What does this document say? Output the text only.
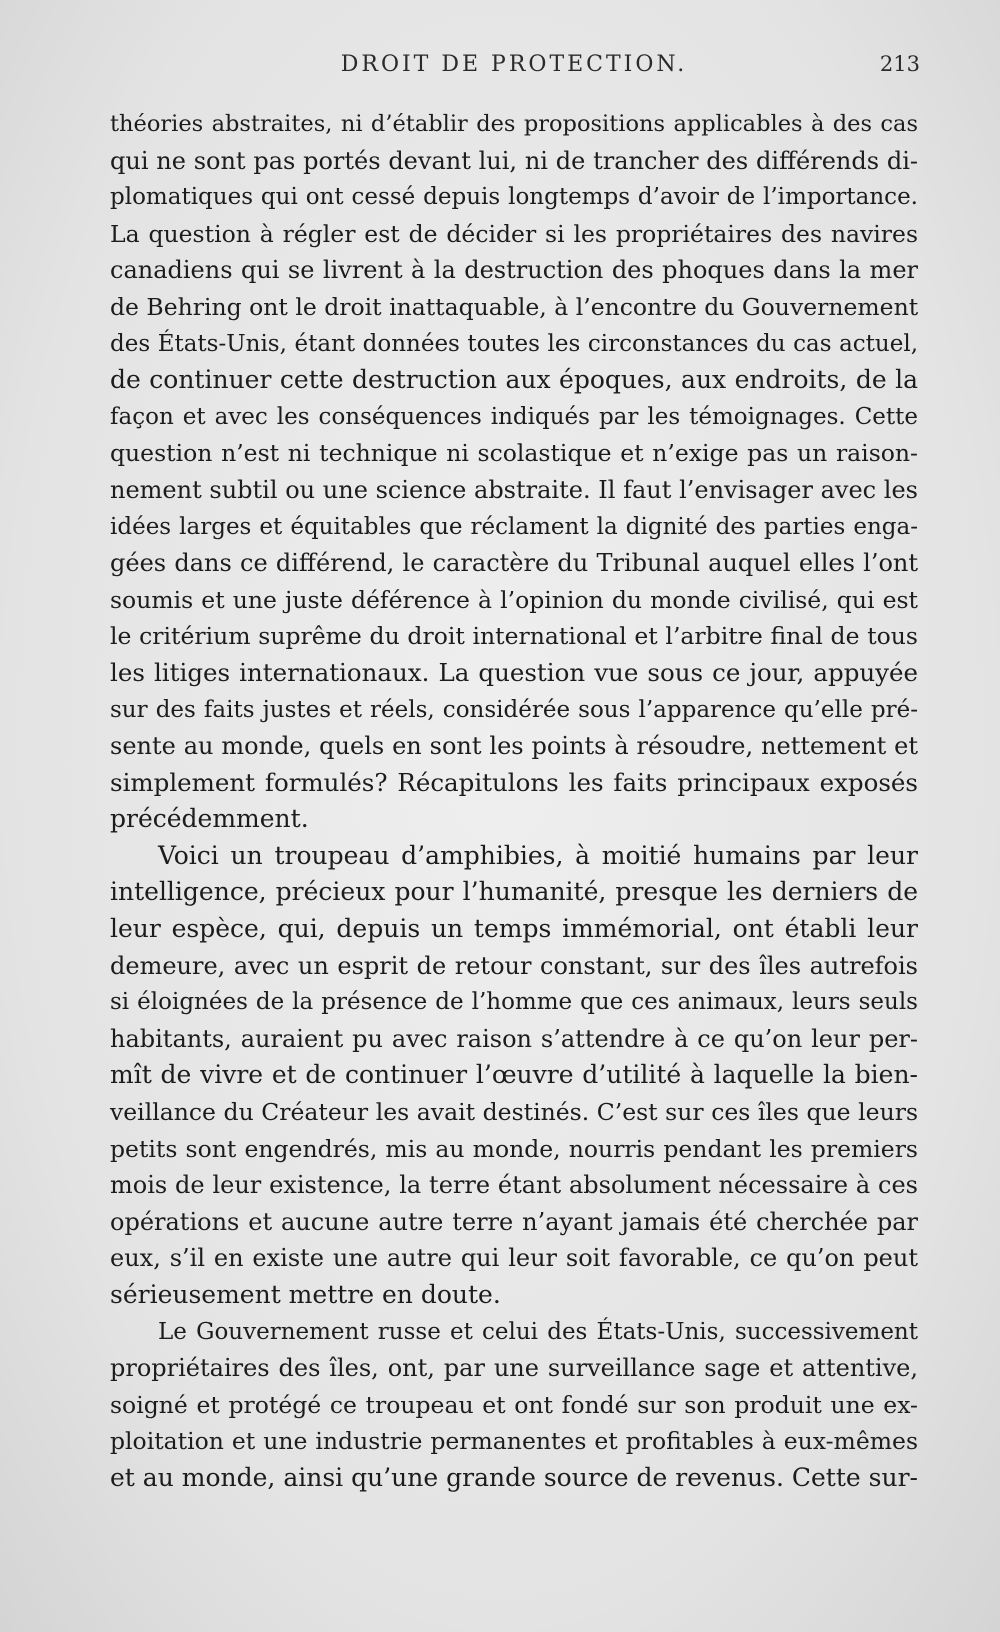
DROIT DE PROTECTION.	213
théories abstraites, ni d’établir des propositions applicables à des cas
qui ne sont pas portés devant lui, ni de trancher des différends di-
plomatiques qui ont cessé depuis longtemps d’avoir de l’importance.
La question à régler est de décider si les propriétaires des navires
canadiens qui se livrent à la destruction des phoques dans la mer
de Behring ont le droit inattaquable, à l’encontre du Gouvernement
des États-Unis, étant données toutes les circonstances du cas actuel,
de continuer cette destruction aux époques, aux endroits, de la
façon et avec les conséquences indiqués par les témoignages. Cette
question n’est ni technique ni scolastique et n’exige pas un raison-
nement subtil ou une science abstraite. Il faut l’envisager avec les
idées larges et équitables que réclament la dignité des parties enga-
gées dans ce différend, le caractère du Tribunal auquel elles l’ont
soumis et une juste déférence à l’opinion du monde civilisé, qui est
le critérium suprême du droit international et l’arbitre final de tous
les litiges internationaux. La question vue sous ce jour, appuyée
sur des faits justes et réels, considérée sous l’apparence qu’elle pré-
sente au monde, quels en sont les points à résoudre, nettement et
simplement formulés? Récapitulons les faits principaux exposés
précédemment.
Voici un troupeau d’amphibies, à moitié humains par leur
intelligence, précieux pour l’humanité, presque les derniers de
leur espèce, qui, depuis un temps immémorial, ont établi leur
demeure, avec un esprit de retour constant, sur des îles autrefois
si éloignées de la présence de l’homme que ces animaux, leurs seuls
habitants, auraient pu avec raison s’attendre à ce qu’on leur per-
mît de vivre et de continuer l’œuvre d’utilité à laquelle la bien-
veillance du Créateur les avait destinés. C’est sur ces îles que leurs
petits sont engendrés, mis au monde, nourris pendant les premiers
mois de leur existence, la terre étant absolument nécessaire à ces
opérations et aucune autre terre n’ayant jamais été cherchée par
eux, s’il en existe une autre qui leur soit favorable, ce qu’on peut
sérieusement mettre en doute.
Le Gouvernement russe et celui des États-Unis, successivement
propriétaires des îles, ont, par une surveillance sage et attentive,
soigné et protégé ce troupeau et ont fondé sur son produit une ex-
ploitation et une industrie permanentes et profitables à eux-mêmes
et au monde, ainsi qu’une grande source de revenus. Cette sur-
